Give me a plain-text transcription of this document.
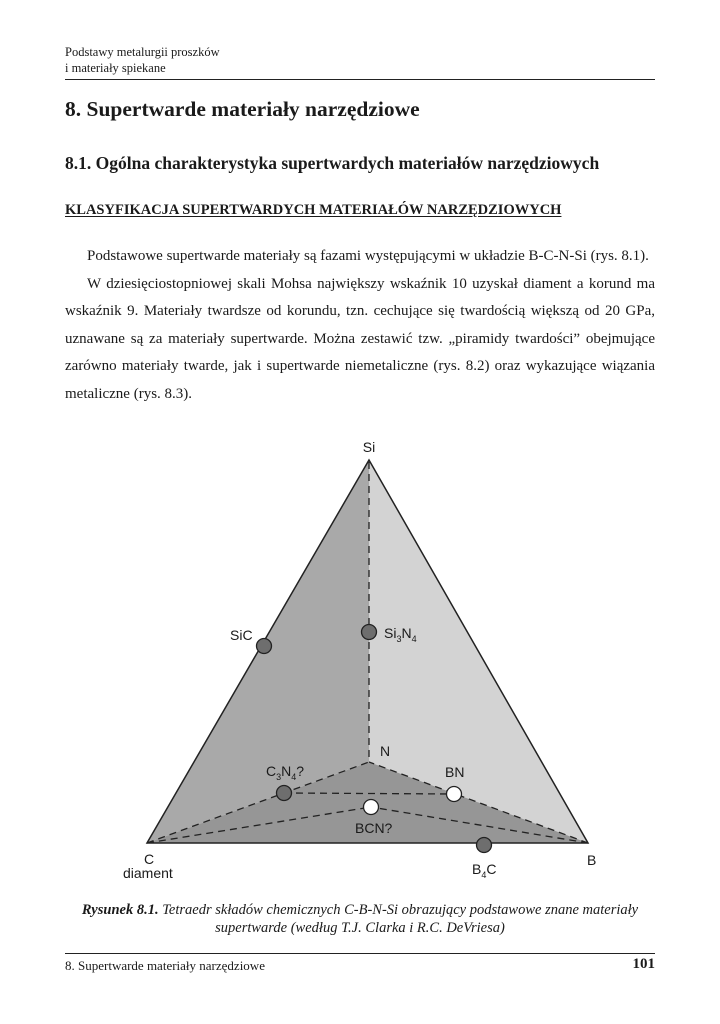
Podstawy metalurgii proszków
i materiały spiekane
8. Supertwarde materiały narzędziowe
8.1. Ogólna charakterystyka supertwardych materiałów narzędziowych
KLASYFIKACJA SUPERTWARDYCH MATERIAŁÓW NARZĘDZIOWYCH

Podstawowe supertwarde materiały są fazami występującymi w układzie B-C-N-Si (rys. 8.1).

W dziesięciostopniowej skali Mohsa największy wskaźnik 10 uzyskał diament a korund ma wskaźnik 9. Materiały twardsze od korundu, tzn. cechujące się twardością większą od 20 GPa, uznawane są za materiały supertwarde. Można zestawić tzw. „piramidy twardości” obejmujące zarówno materiały twarde, jak i supertwarde niemetaliczne (rys. 8.2) oraz wykazujące wiązania metaliczne (rys. 8.3).

Si
N
C
diament
B
SiC	$Si_3N_4$
$C_3N_4$?	BN
BCN?
$B_4C$
Rysunek 8.1. Tetraedr składów chemicznych C-B-N-Si obrazujący podstawowe znane materiały supertwarde (według T.J. Clarka i R.C. DeVriesa)
8. Supertwarde materiały narzędziowe	101
